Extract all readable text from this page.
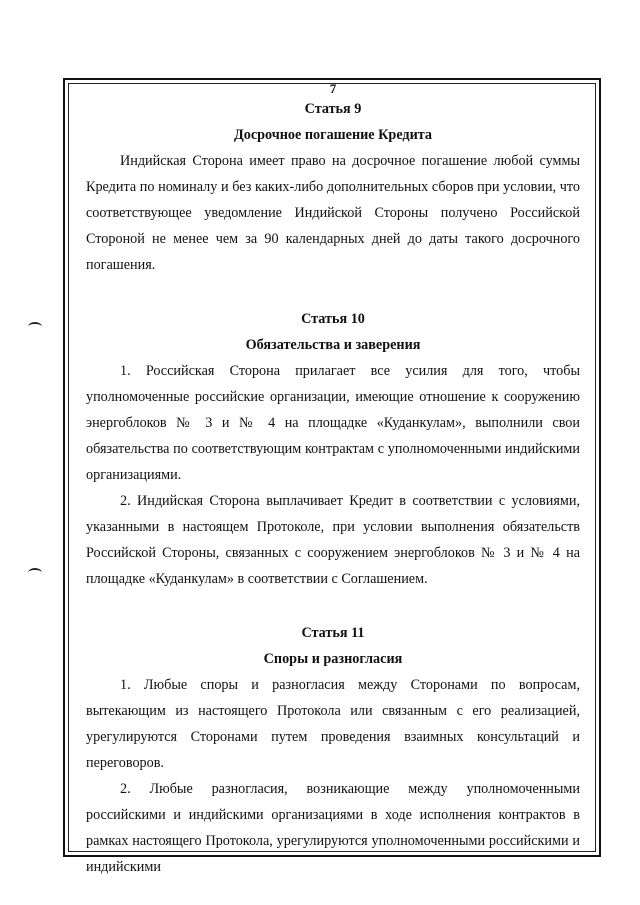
7

Статья 9

Досрочное погашение Кредита

Индийская Сторона имеет право на досрочное погашение любой суммы Кредита по номиналу и без каких-либо дополнительных сборов при условии, что соответствующее уведомление Индийской Стороны получено Российской Стороной не менее чем за 90 календарных дней до даты такого досрочного погашения.

Статья 10

Обязательства и заверения

1. Российская Сторона прилагает все усилия для того, чтобы уполномоченные российские организации, имеющие отношение к сооружению энергоблоков № 3 и № 4 на площадке «Куданкулам», выполнили свои обязательства по соответствующим контрактам с уполномоченными индийскими организациями.

2. Индийская Сторона выплачивает Кредит в соответствии с условиями, указанными в настоящем Протоколе, при условии выполнения обязательств Российской Стороны, связанных с сооружением энергоблоков № 3 и № 4 на площадке «Куданкулам» в соответствии с Соглашением.

Статья 11

Споры и разногласия

1. Любые споры и разногласия между Сторонами по вопросам, вытекающим из настоящего Протокола или связанным с его реализацией, урегулируются Сторонами путем проведения взаимных консультаций и переговоров.

2. Любые разногласия, возникающие между уполномоченными российскими и индийскими организациями в ходе исполнения контрактов в рамках настоящего Протокола, урегулируются уполномоченными российскими и индийскими
